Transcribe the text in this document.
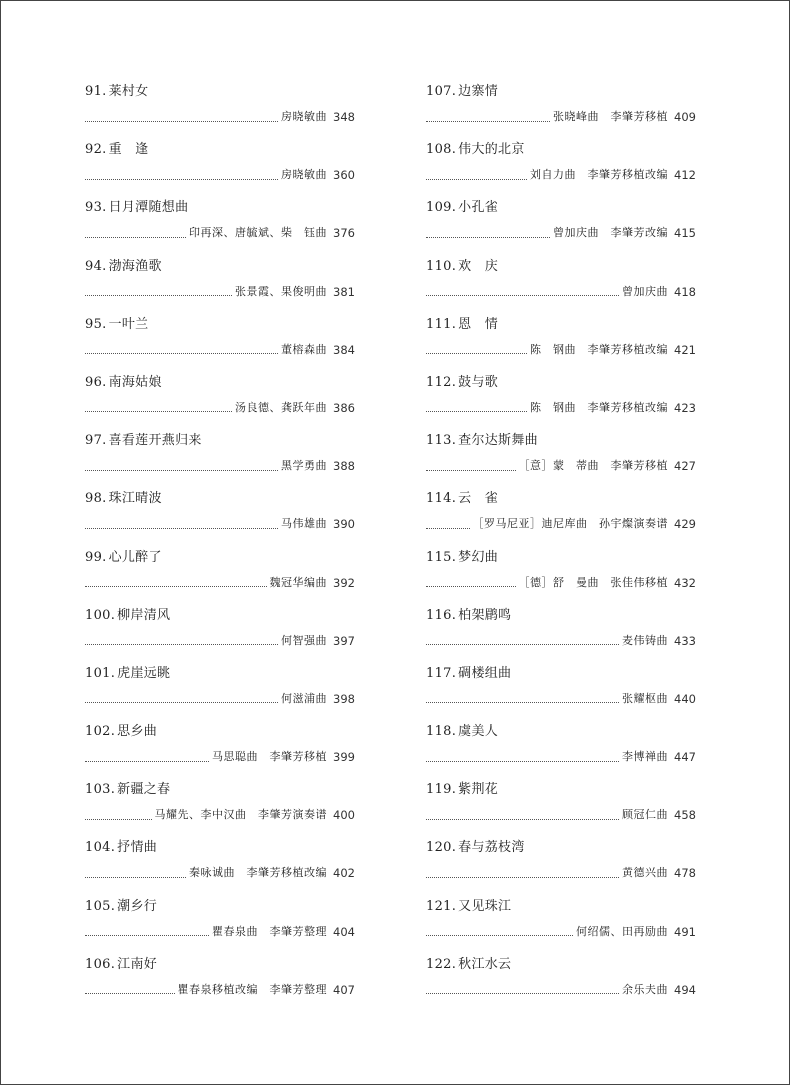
91. 莱村女
房晓敏曲 348
92. 重　逢
房晓敏曲 360
93. 日月潭随想曲
印再深、唐毓斌、柴　钰曲 376
94. 渤海渔歌
张景霞、果俊明曲 381
95. 一叶兰
董榕森曲 384
96. 南海姑娘
汤良德、龚跃年曲 386
97. 喜看莲开燕归来
黑学勇曲 388
98. 珠江晴波
马伟雄曲 390
99. 心儿醉了
魏冠华编曲 392
100. 柳岸清风
何智强曲 397
101. 虎崖远眺
何滋浦曲 398
102. 思乡曲
马思聪曲　李肇芳移植 399
103. 新疆之春
马耀先、李中汉曲　李肇芳演奏谱 400
104. 抒情曲
秦咏诚曲　李肇芳移植改编 402
105. 潮乡行
瞿春泉曲　李肇芳整理 404
106. 江南好
瞿春泉移植改编　李肇芳整理 407
107. 边寨情
张晓峰曲　李肇芳移植 409
108. 伟大的北京
刘自力曲　李肇芳移植改编 412
109. 小孔雀
曾加庆曲　李肇芳改编 415
110. 欢　庆
曾加庆曲 418
111. 恩　情
陈　钢曲　李肇芳移植改编 421
112. 鼓与歌
陈　钢曲　李肇芳移植改编 423
113. 查尔达斯舞曲
［意］蒙　蒂曲　李肇芳移植 427
114. 云　雀
［罗马尼亚］迪尼库曲　孙宇燦演奏谱 429
115. 梦幻曲
［德］舒　曼曲　张佳伟移植 432
116. 柏架鹛鸣
麦伟铸曲 433
117. 碉楼组曲
张耀枢曲 440
118. 虞美人
李博禅曲 447
119. 紫荆花
顾冠仁曲 458
120. 春与荔枝湾
黄德兴曲 478
121. 又见珠江
何绍儒、田再励曲 491
122. 秋江水云
余乐夫曲 494
